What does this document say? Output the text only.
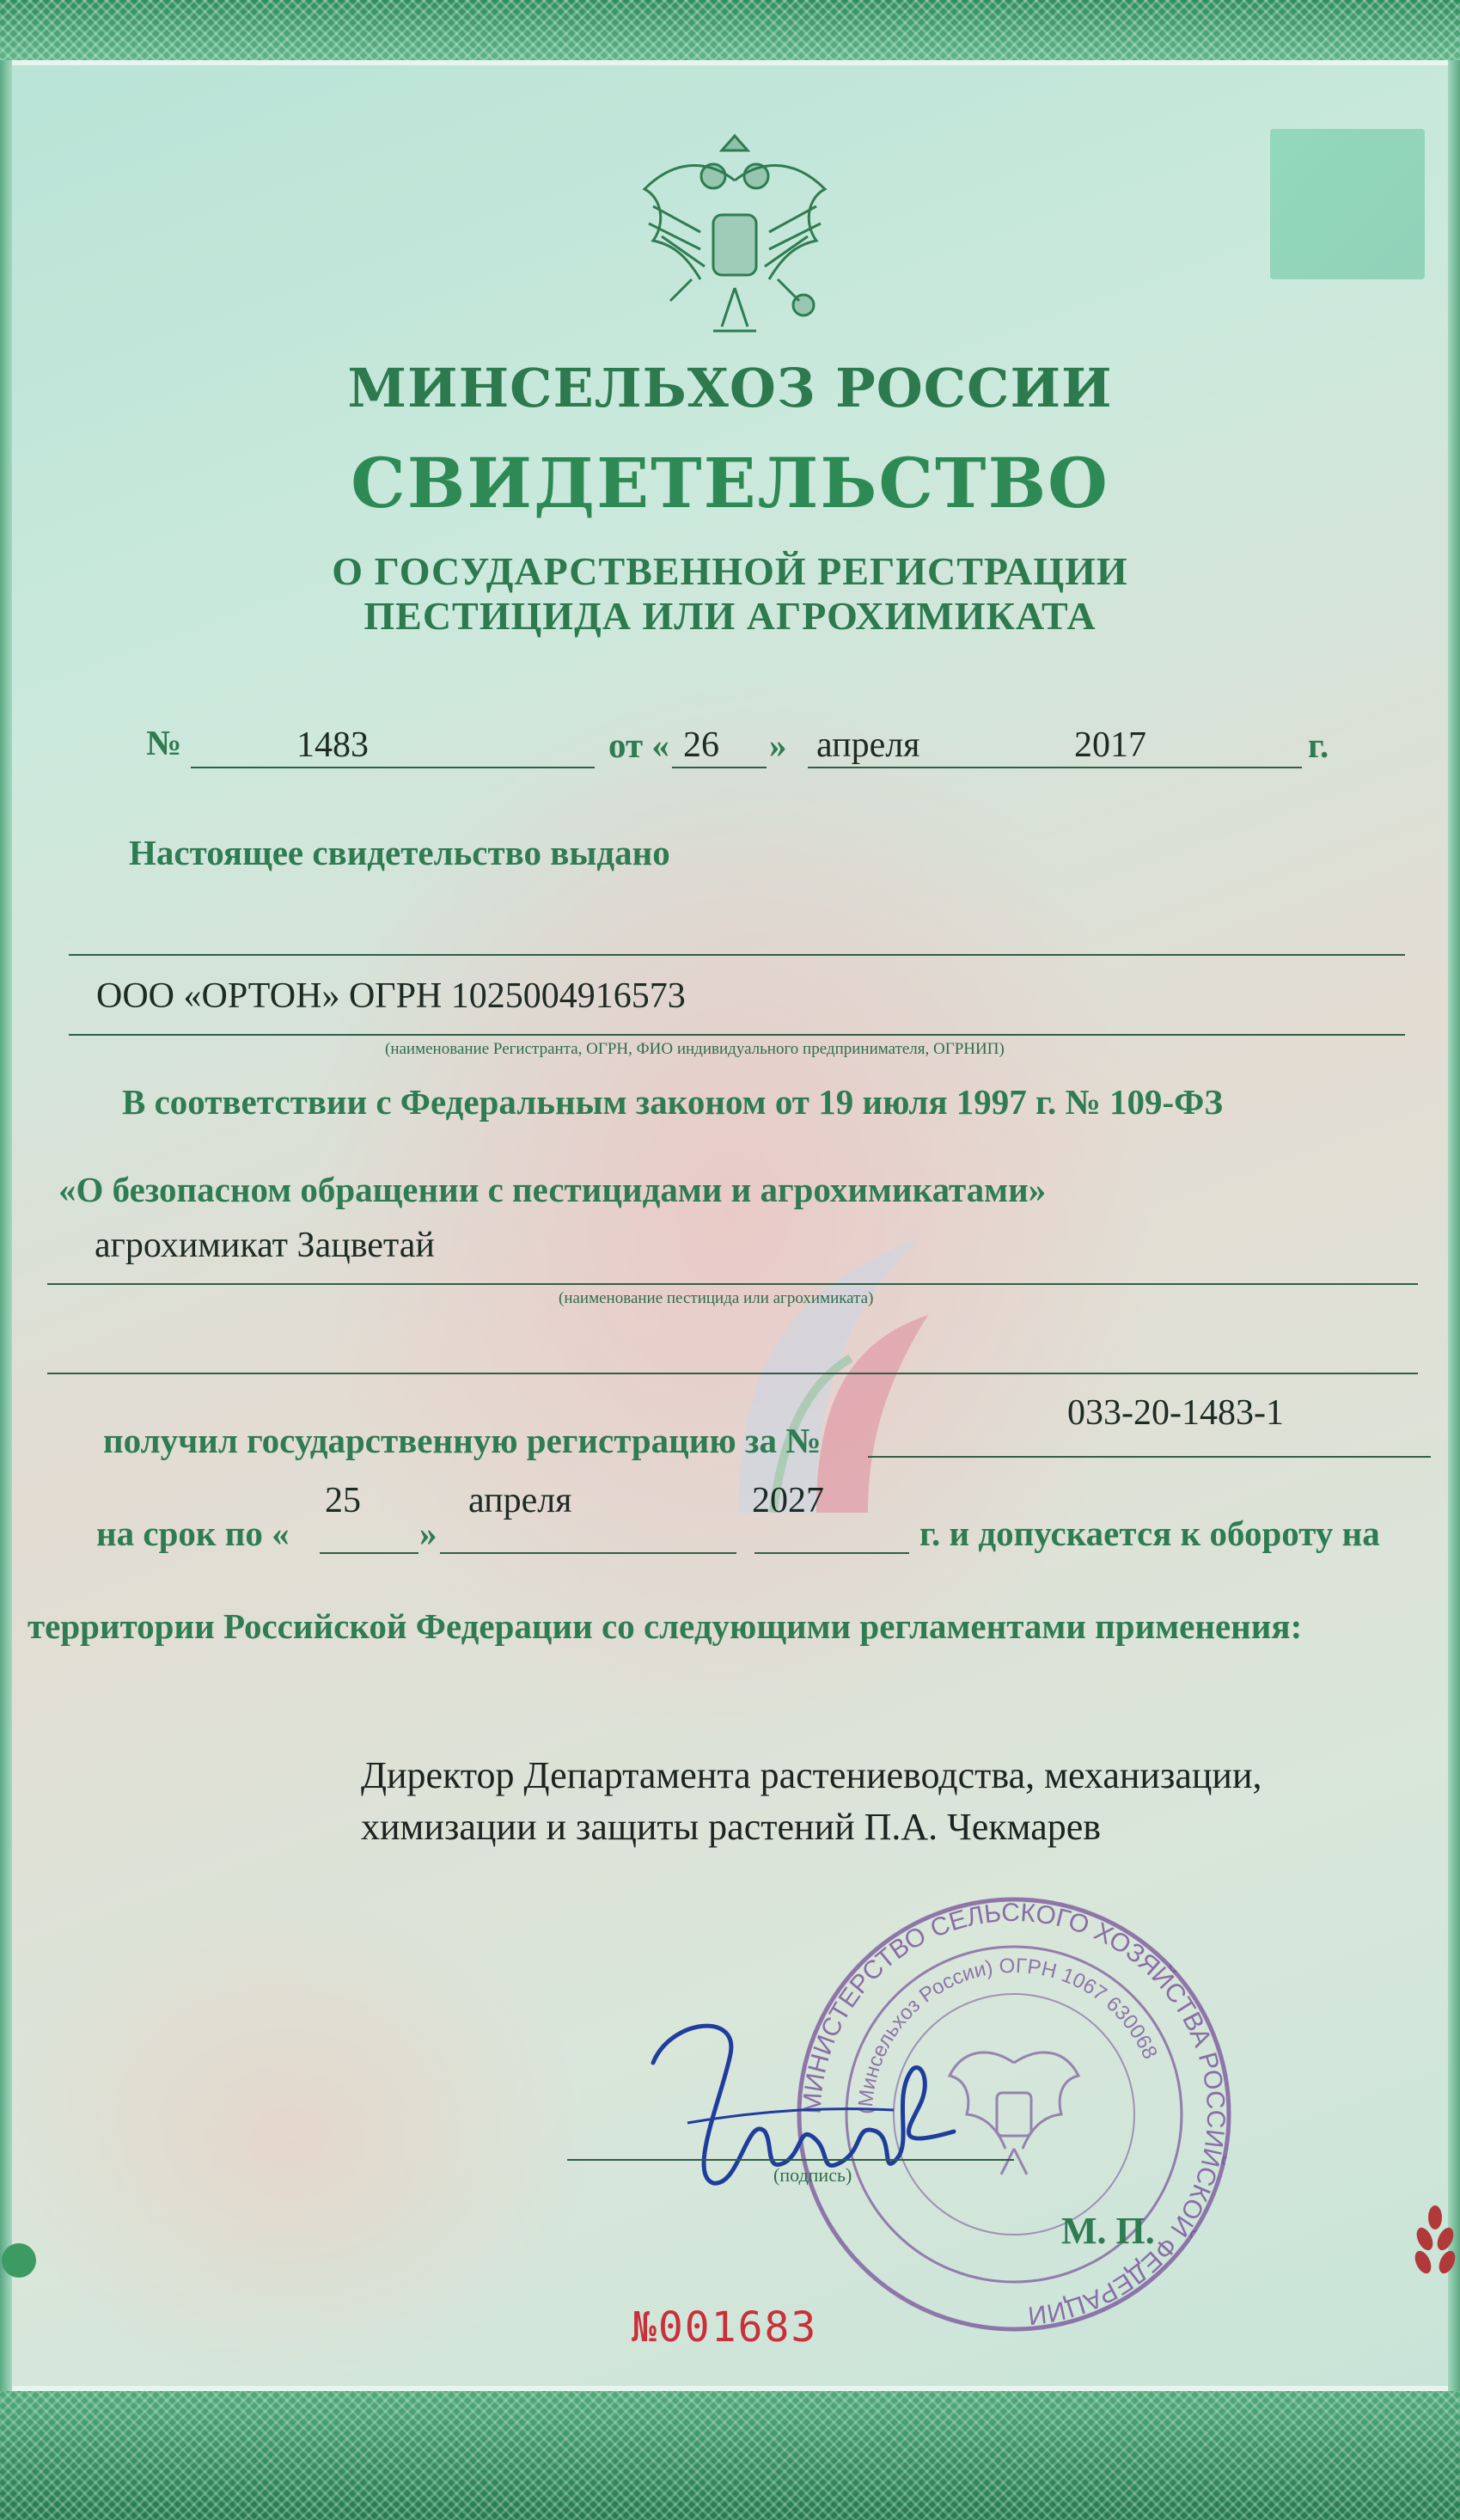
МИНСЕЛЬХОЗ РОССИИ
СВИДЕТЕЛЬСТВО
О ГОСУДАРСТВЕННОЙ РЕГИСТРАЦИИ
ПЕСТИЦИДА ИЛИ АГРОХИМИКАТА
№	1483	от « 26 » апреля	2017	г.
Настоящее свидетельство выдано
ООО «ОРТОН» ОГРН 1025004916573
(наименование Регистранта, ОГРН, ФИО индивидуального предпринимателя, ОГРНИП)
В соответствии с Федеральным законом от 19 июля 1997 г. № 109-ФЗ
«О безопасном обращении с пестицидами и агрохимикатами»
агрохимикат Зацветай
(наименование пестицида или агрохимиката)
получил государственную регистрацию за №
033-20-1483-1
на срок по «
25
»
апреля	2027
г. и допускается к обороту на
территории Российской Федерации со следующими регламентами применения:
Директор Департамента растениеводства, механизации,
химизации и защиты растений П.А. Чекмарев
МИНИСТЕРСТВО СЕЛЬСКОГО ХОЗЯЙСТВА РОССИЙСКОЙ ФЕДЕРАЦИИ
(Минсельхоз России) ОГРН 1067 630068
(подпись)
М. П.
№001683
